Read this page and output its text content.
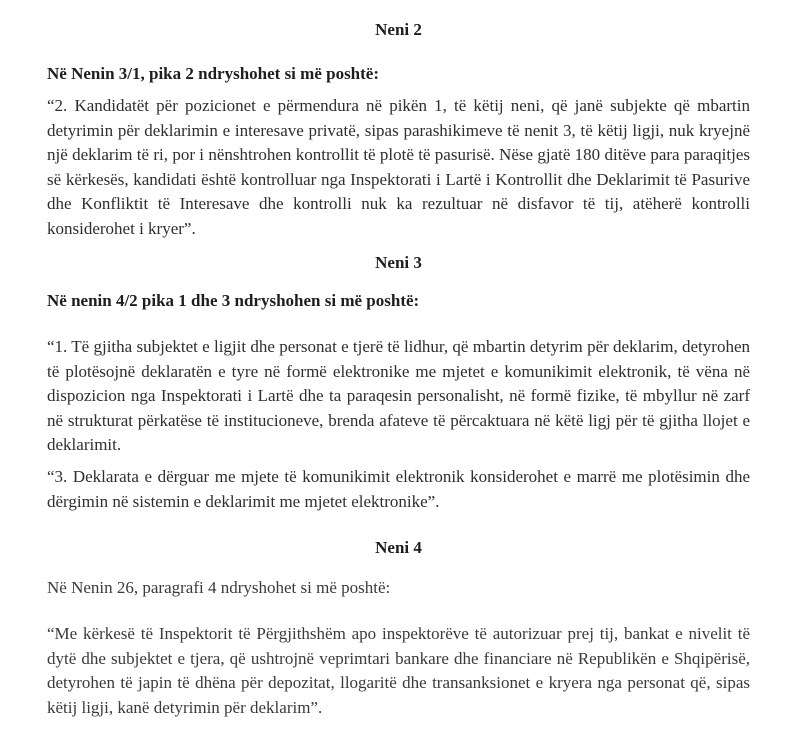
Neni 2
Në Nenin 3/1, pika 2 ndryshohet si më poshtë:
“2. Kandidatët për pozicionet e përmendura në pikën 1, të këtij neni, që janë subjekte që mbartin detyrimin për deklarimin e interesave privatë, sipas parashikimeve të nenit 3, të këtij ligji, nuk kryejnë një deklarim të ri, por i nënshtrohen kontrollit të plotë të pasurisë. Nëse gjatë 180 ditëve para paraqitjes së kërkesës, kandidati është kontrolluar nga Inspektorati i Lartë i Kontrollit dhe Deklarimit të Pasurive dhe Konfliktit të Interesave dhe kontrolli nuk ka rezultuar në disfavor të tij, atëherë kontrolli konsiderohet i kryer”.
Neni 3
Në nenin 4/2 pika 1 dhe 3 ndryshohen si më poshtë:
“1. Të gjitha subjektet e ligjit dhe personat e tjerë të lidhur, që mbartin detyrim për deklarim, detyrohen të plotësojnë deklaratën e tyre në formë elektronike me mjetet e komunikimit elektronik, të vëna në dispozicion nga Inspektorati i Lartë dhe ta paraqesin personalisht, në formë fizike, të mbyllur në zarf në strukturat përkatëse të institucioneve, brenda afateve të përcaktuara në këtë ligj për të gjitha llojet e deklarimit.
“3. Deklarata e dërguar me mjete të komunikimit elektronik konsiderohet e marrë me plotësimin dhe dërgimin në sistemin e deklarimit me mjetet elektronike”.
Neni 4
Në Nenin 26, paragrafi 4 ndryshohet si më poshtë:
“Me kërkesë të Inspektorit të Përgjithshëm apo inspektorëve të autorizuar prej tij, bankat e nivelit të dytë dhe subjektet e tjera, që ushtrojnë veprimtari bankare dhe financiare në Republikën e Shqipërisë, detyrohen të japin të dhëna për depozitat, llogaritë dhe transanksionet e kryera nga personat që, sipas këtij ligji, kanë detyrimin për deklarim”.
